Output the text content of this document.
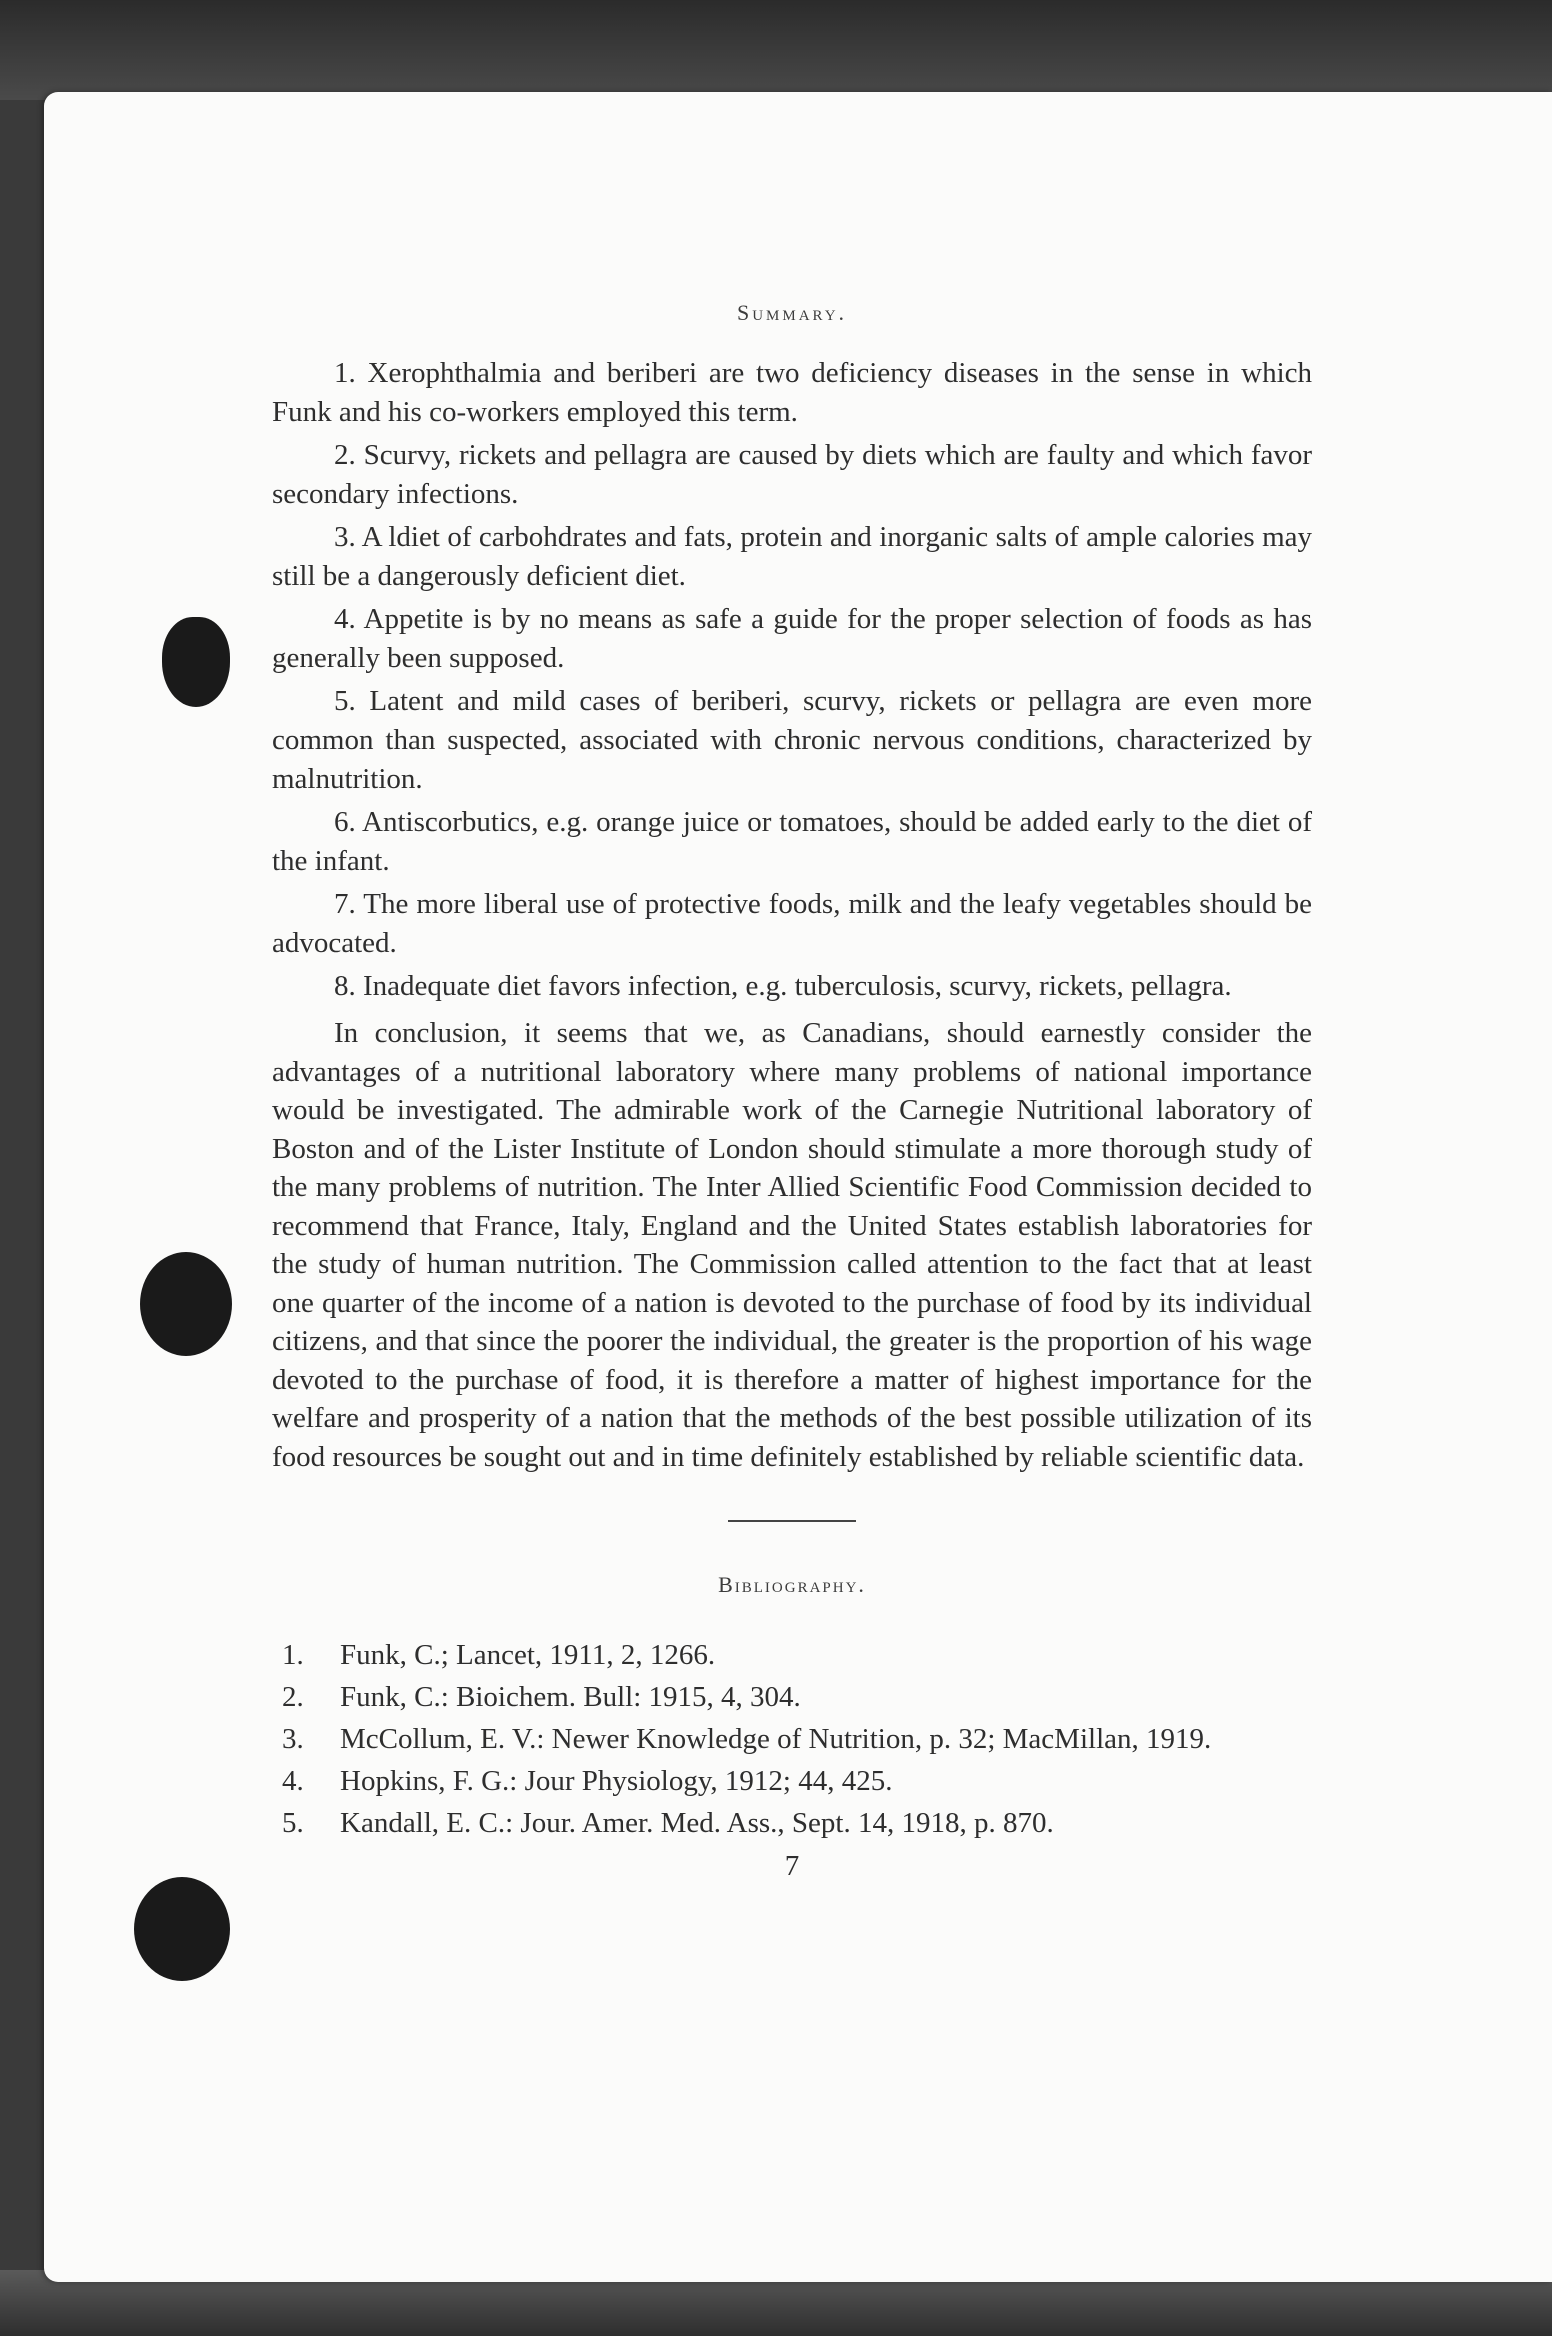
Summary.

1. Xerophthalmia and beriberi are two deficiency diseases in the sense in which Funk and his co-workers employed this term.

2. Scurvy, rickets and pellagra are caused by diets which are faulty and which favor secondary infections.

3. A ldiet of carbohdrates and fats, protein and inorganic salts of ample calories may still be a dangerously deficient diet.

4. Appetite is by no means as safe a guide for the proper selection of foods as has generally been supposed.

5. Latent and mild cases of beriberi, scurvy, rickets or pellagra are even more common than suspected, associated with chronic nervous conditions, characterized by malnutrition.

6. Antiscorbutics, e.g. orange juice or tomatoes, should be added early to the diet of the infant.

7. The more liberal use of protective foods, milk and the leafy vegetables should be advocated.

8. Inadequate diet favors infection, e.g. tuberculosis, scurvy, rickets, pellagra.

In conclusion, it seems that we, as Canadians, should earnestly consider the advantages of a nutritional laboratory where many problems of national importance would be investigated. The admirable work of the Carnegie Nutritional laboratory of Boston and of the Lister Institute of London should stimulate a more thorough study of the many problems of nutrition. The Inter Allied Scientific Food Commission decided to recommend that France, Italy, England and the United States establish laboratories for the study of human nutrition. The Commission called attention to the fact that at least one quarter of the income of a nation is devoted to the purchase of food by its individual citizens, and that since the poorer the individual, the greater is the proportion of his wage devoted to the purchase of food, it is therefore a matter of highest importance for the welfare and prosperity of a nation that the methods of the best possible utilization of its food resources be sought out and in time definitely established by reliable scientific data.

Bibliography.
1.	Funk, C.; Lancet, 1911, 2, 1266.
2.	Funk, C.: Bioichem. Bull: 1915, 4, 304.
3.	McCollum, E. V.: Newer Knowledge of Nutrition, p. 32; MacMillan, 1919.
4.	Hopkins, F. G.: Jour Physiology, 1912; 44, 425.
5.	Kandall, E. C.: Jour. Amer. Med. Ass., Sept. 14, 1918, p. 870.
7
